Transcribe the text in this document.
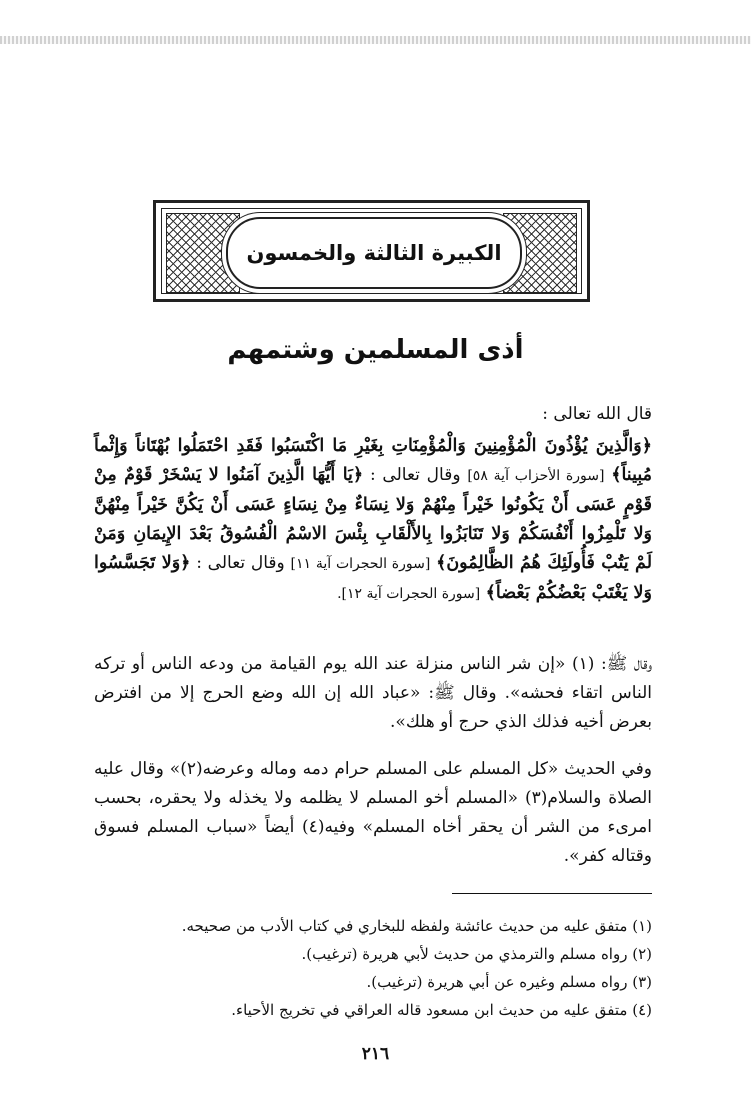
الكبيرة الثالثة والخمسون
أذى المسلمين وشتمهم
قال الله تعالى :
﴿وَالَّذِينَ يُؤْذُونَ الْمُؤْمِنِينَ وَالْمُؤْمِنَاتِ بِغَيْرِ مَا اكْتَسَبُوا فَقَدِ احْتَمَلُوا بُهْتَاناً وَإِثْماً مُبِيناً﴾ [سورة الأحزاب آية ٥٨] وقال تعالى : ﴿يَا أَيُّهَا الَّذِينَ آمَنُوا لا يَسْخَرْ قَوْمٌ مِنْ قَوْمٍ عَسَى أَنْ يَكُونُوا خَيْراً مِنْهُمْ وَلا نِسَاءٌ مِنْ نِسَاءٍ عَسَى أَنْ يَكُنَّ خَيْراً مِنْهُنَّ وَلا تَلْمِزُوا أَنْفُسَكُمْ وَلا تَنَابَزُوا بِالأَلْقَابِ بِئْسَ الاسْمُ الْفُسُوقُ بَعْدَ الإِيمَانِ وَمَنْ لَمْ يَتُبْ فَأُولَئِكَ هُمُ الظَّالِمُونَ﴾ [سورة الحجرات آية ١١] وقال تعالى : ﴿وَلا تَجَسَّسُوا وَلا يَغْتَبْ بَعْضُكُمْ بَعْضاً﴾ [سورة الحجرات آية ١٢].
وقال ﷺ: (١) «إن شر الناس منزلة عند الله يوم القيامة من ودعه الناس أو تركه الناس اتقاء فحشه». وقال ﷺ: «عباد الله إن الله وضع الحرج إلا من افترض بعرض أخيه فذلك الذي حرج أو هلك».
وفي الحديث «كل المسلم على المسلم حرام دمه وماله وعرضه(٢)» وقال عليه الصلاة والسلام(٣) «المسلم أخو المسلم لا يظلمه ولا يخذله ولا يحقره، بحسب امرىء من الشر أن يحقر أخاه المسلم» وفيه(٤) أيضاً «سباب المسلم فسوق وقتاله كفر».
(١) متفق عليه من حديث عائشة ولفظه للبخاري في كتاب الأدب من صحيحه.
(٢) رواه مسلم والترمذي من حديث لأبي هريرة (ترغيب).
(٣) رواه مسلم وغيره عن أبي هريرة (ترغيب).
(٤) متفق عليه من حديث ابن مسعود قاله العراقي في تخريج الأحياء.
٢١٦
